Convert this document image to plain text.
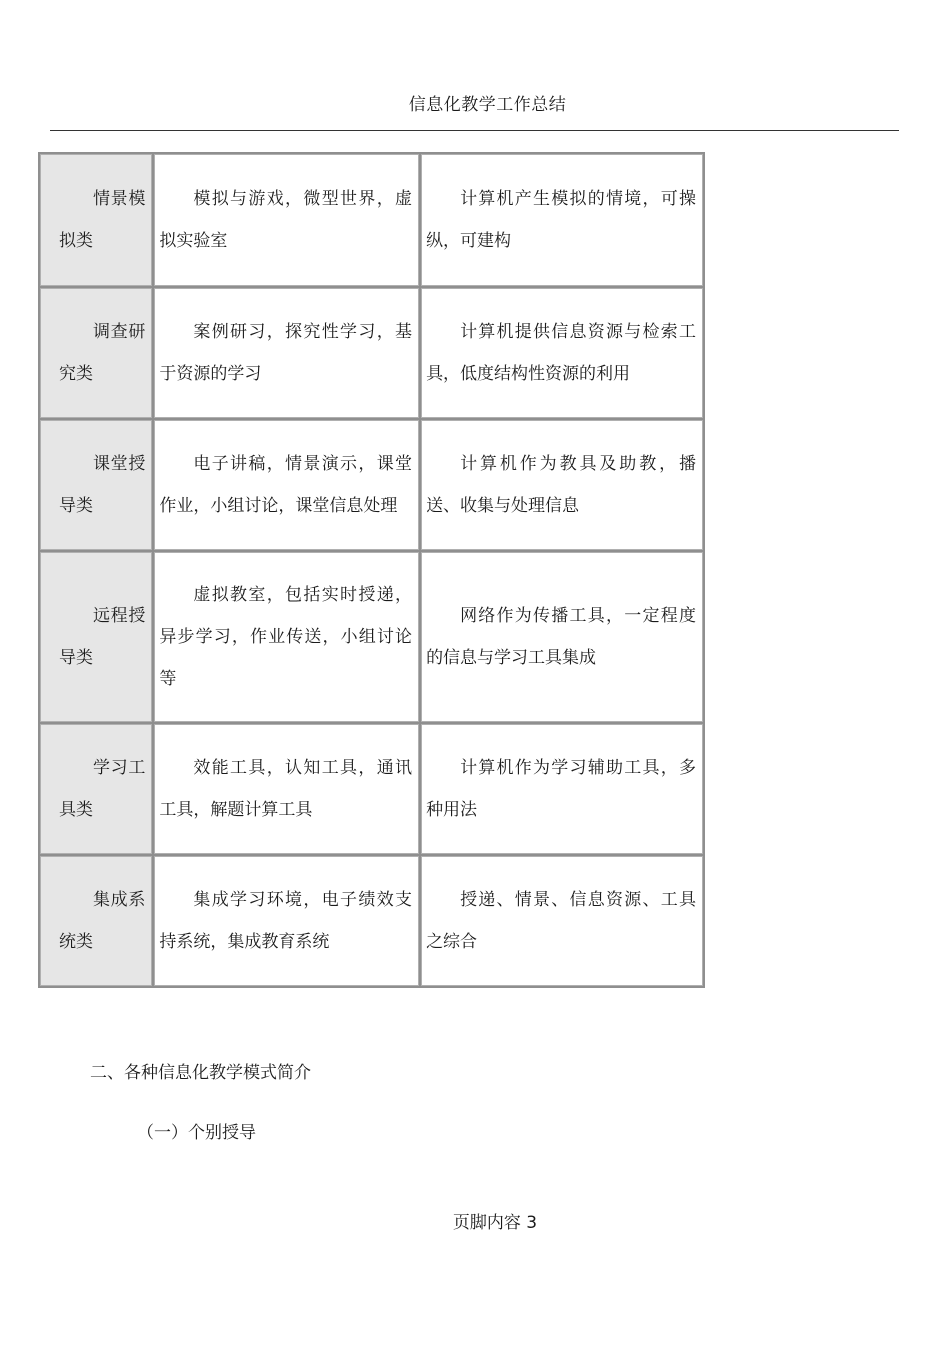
信息化教学工作总结
情景模拟类	模拟与游戏，微型世界，虚拟实验室	计算机产生模拟的情境，可操纵，可建构

调查研究类	案例研习，探究性学习，基于资源的学习	计算机提供信息资源与检索工具，低度结构性资源的利用

课堂授导类	电子讲稿，情景演示，课堂作业，小组讨论，课堂信息处理	计算机作为教具及助教，播送、收集与处理信息

远程授导类	虚拟教室，包括实时授递，异步学习，作业传送，小组讨论等	网络作为传播工具，一定程度的信息与学习工具集成

学习工具类	效能工具，认知工具，通讯工具，解题计算工具	计算机作为学习辅助工具，多种用法

集成系统类	集成学习环境，电子绩效支持系统，集成教育系统	授递、情景、信息资源、工具之综合
二、各种信息化教学模式简介
（一）个别授导
页脚内容 3
